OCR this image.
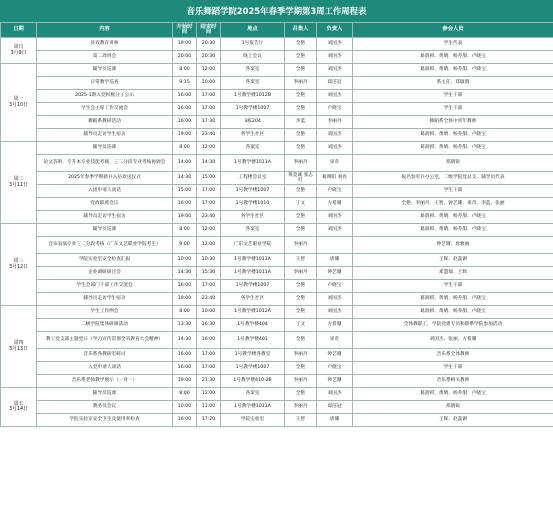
音乐舞蹈学院2025年春季学期第3周工作周程表
日期	内容	开始时间	结束时间	地点	召集人	负责人	参会人员
周日
3月9日	县戏教育讲师	19:00	20:30	1号报告厅	全艳	刘国杰	学生代表
	第二周班会	20:00	20:30	线上会议	全艳	刘国杰	葛润祺、黄婧、杨乔甜、卢晓宝
周一
3月10日	辅导员巡课	8:00	12:00	各案室	全艳	刘国杰	葛润祺、黄婧、杨乔甜、卢晓宝
	日常教学巡查	9:15	10:00	各案室	李丽丹	郑洁冠	系主任、郑敏鹃
	2025-1期入党积极分子公示	16:00	17:00	1号教学楼1012B	全艳	刘国杰	学生干部
	学生会主席工作交流会	16:00	17:00	1号教学楼1007	全艳	卢晓宝	学生干部
	舞蹈系教研活动	16:00	17:30	3栋204	李蓝	李丽丹	舞蹈系全体中青年教师
	辅导员走访学生宿舍	19:00	23:40	各学生社区	全艳	刘国杰	葛润祺、黄婧、杨乔甜、卢晓宝
周二
3月11日	辅导员巡课	8:00	12:00	各案室	全艳	刘国杰	葛润祺、黄婧、杨乔甜、卢晓宝
	论文答辩、专升本专业技能考核、三二分段专业考核协调会	14:00	14:30	1号教学楼1011A	李丽丹	束奇	郑鹃锐
	2025年春季学期新兵入伍欢送仪式	14:30	15:00	工程楼会议室	黄竟诚 张志红	葛朗阳 刘亮	报名参军兵办公室，二级学院党总支、辅导员代表
	入团申请人谈话	15:00	17:00	1号教学楼1007	全艳	卢晓宝	学生干部
	党政联席会议	16:00	17:00	1号教学楼1010	丁文	方希珊	全艳、李丽丹、王智、钟艺珊、束奇、李蓝、张丽
	辅导员走访学生宿舍	19:00	23:40	各学生社区	全艳	刘国杰	葛润祺、黄婧、杨乔甜、卢晓宝
周三
3月12日	辅导员巡课	8:00	12:00	各案室	全艳	刘国杰	葛润祺、黄婧、杨乔甜、卢晓宝
	音乐表演专业三二分段考核（广东文艺职业学院考生）	9:00	12:00	广东文艺职业学院	李丽丹		钟艺珊、唐雅丽
	学院实验室安全检查汇报	10:00	10:30	1号教学楼1011A	王智	唐珊	王辉、赵蕊源
	企业调研研讨会	14:30	15:30	1号教学楼1011A	李丽丹	钟艺珊	郑慧瑞、王辉
	学生会部门干部工作交流会	16:00	17:00	1号教学楼1007	全艳	卢晓宝	学生干部
	辅导员走访学生宿舍	19:00	23:40	各学生社区	全艳	刘国杰	葛润祺、黄婧、杨乔甜、卢晓宝
周四
3月13日	学生工作例会	8:00	10:00	1号教学楼1012A	全艳	刘国杰	葛润祺、黄婧、杨乔甜、卢晓宝
	二级学院集体研修活动	13:30	16:30	1号教学楼404	丁文	方希珊	全体教职工、学院党建专员和联系学院参加活动
	教工党支部主题党日（学习宣传贯彻全省教育大会精神）	14:30	16:00	1号教学楼401	全艳	束奇	刘国杰、张丽、方希珊
	音乐系各教研室研讨	16:00	17:00	1号教学楼各教室	李丽丹	钟艺珊	音乐系全体教师
	入党申请人谈话	16:00	17:00	1号教学楼1007	全艳	卢晓宝	学生干部
	音乐系老师教学展示（一对一）	19:00	21:30	1号教学楼410-28	李丽丹	钟艺珊	音乐系相关教师
周五
3月14日	辅导员巡课	8:00	12:00	各案室	全艳	刘国杰	葛润祺、黄婧、杨乔甜、卢晓宝
	教务员会议	10:00	11:00	1号教学楼1011A	李丽丹	郑洁冠	郑鹃锐
	学院实验室安全卫生及使用率检查	16:00	17:20	学院实验室	王智	唐珊	王辉、赵蕊源
